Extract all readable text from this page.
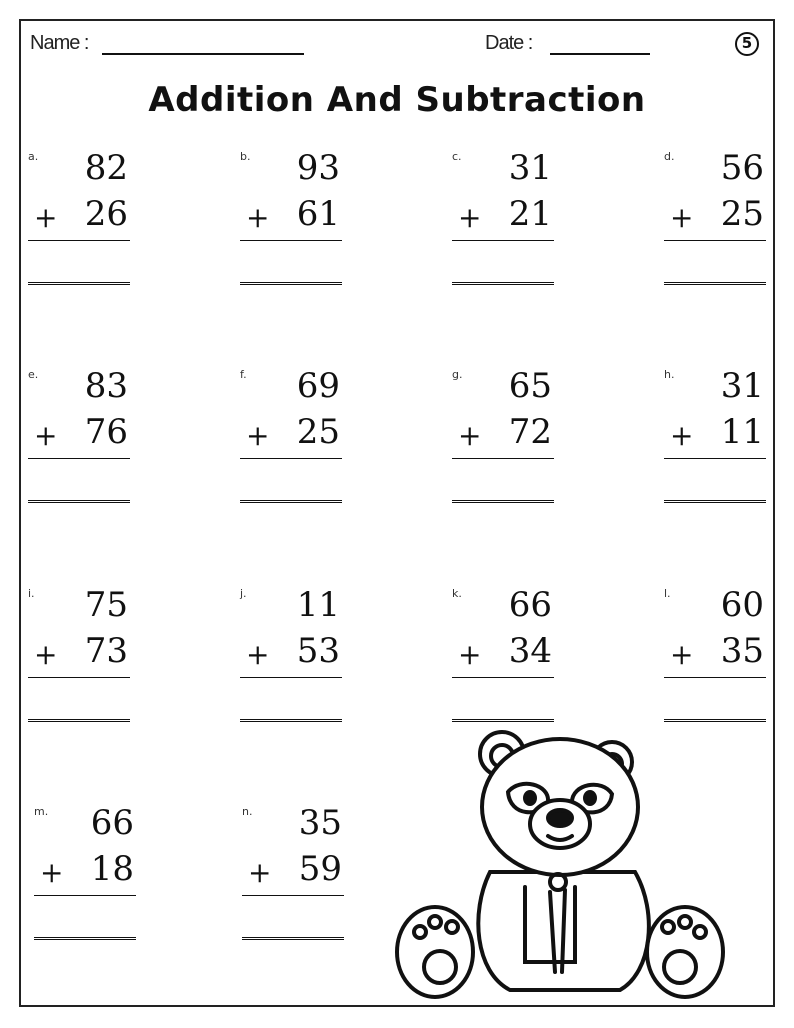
Name :	Date :	5
Addition And Subtraction
a. 82
+ 26
b. 93
+ 61
c. 31
+ 21
d. 56
+ 25
e. 83
+ 76
f. 69
+ 25
g. 65
+ 72
h. 31
+ 11
i. 75
+ 73
j. 11
+ 53
k. 66
+ 34
l. 60
+ 35
m. 66
+ 18
n. 35
+ 59
